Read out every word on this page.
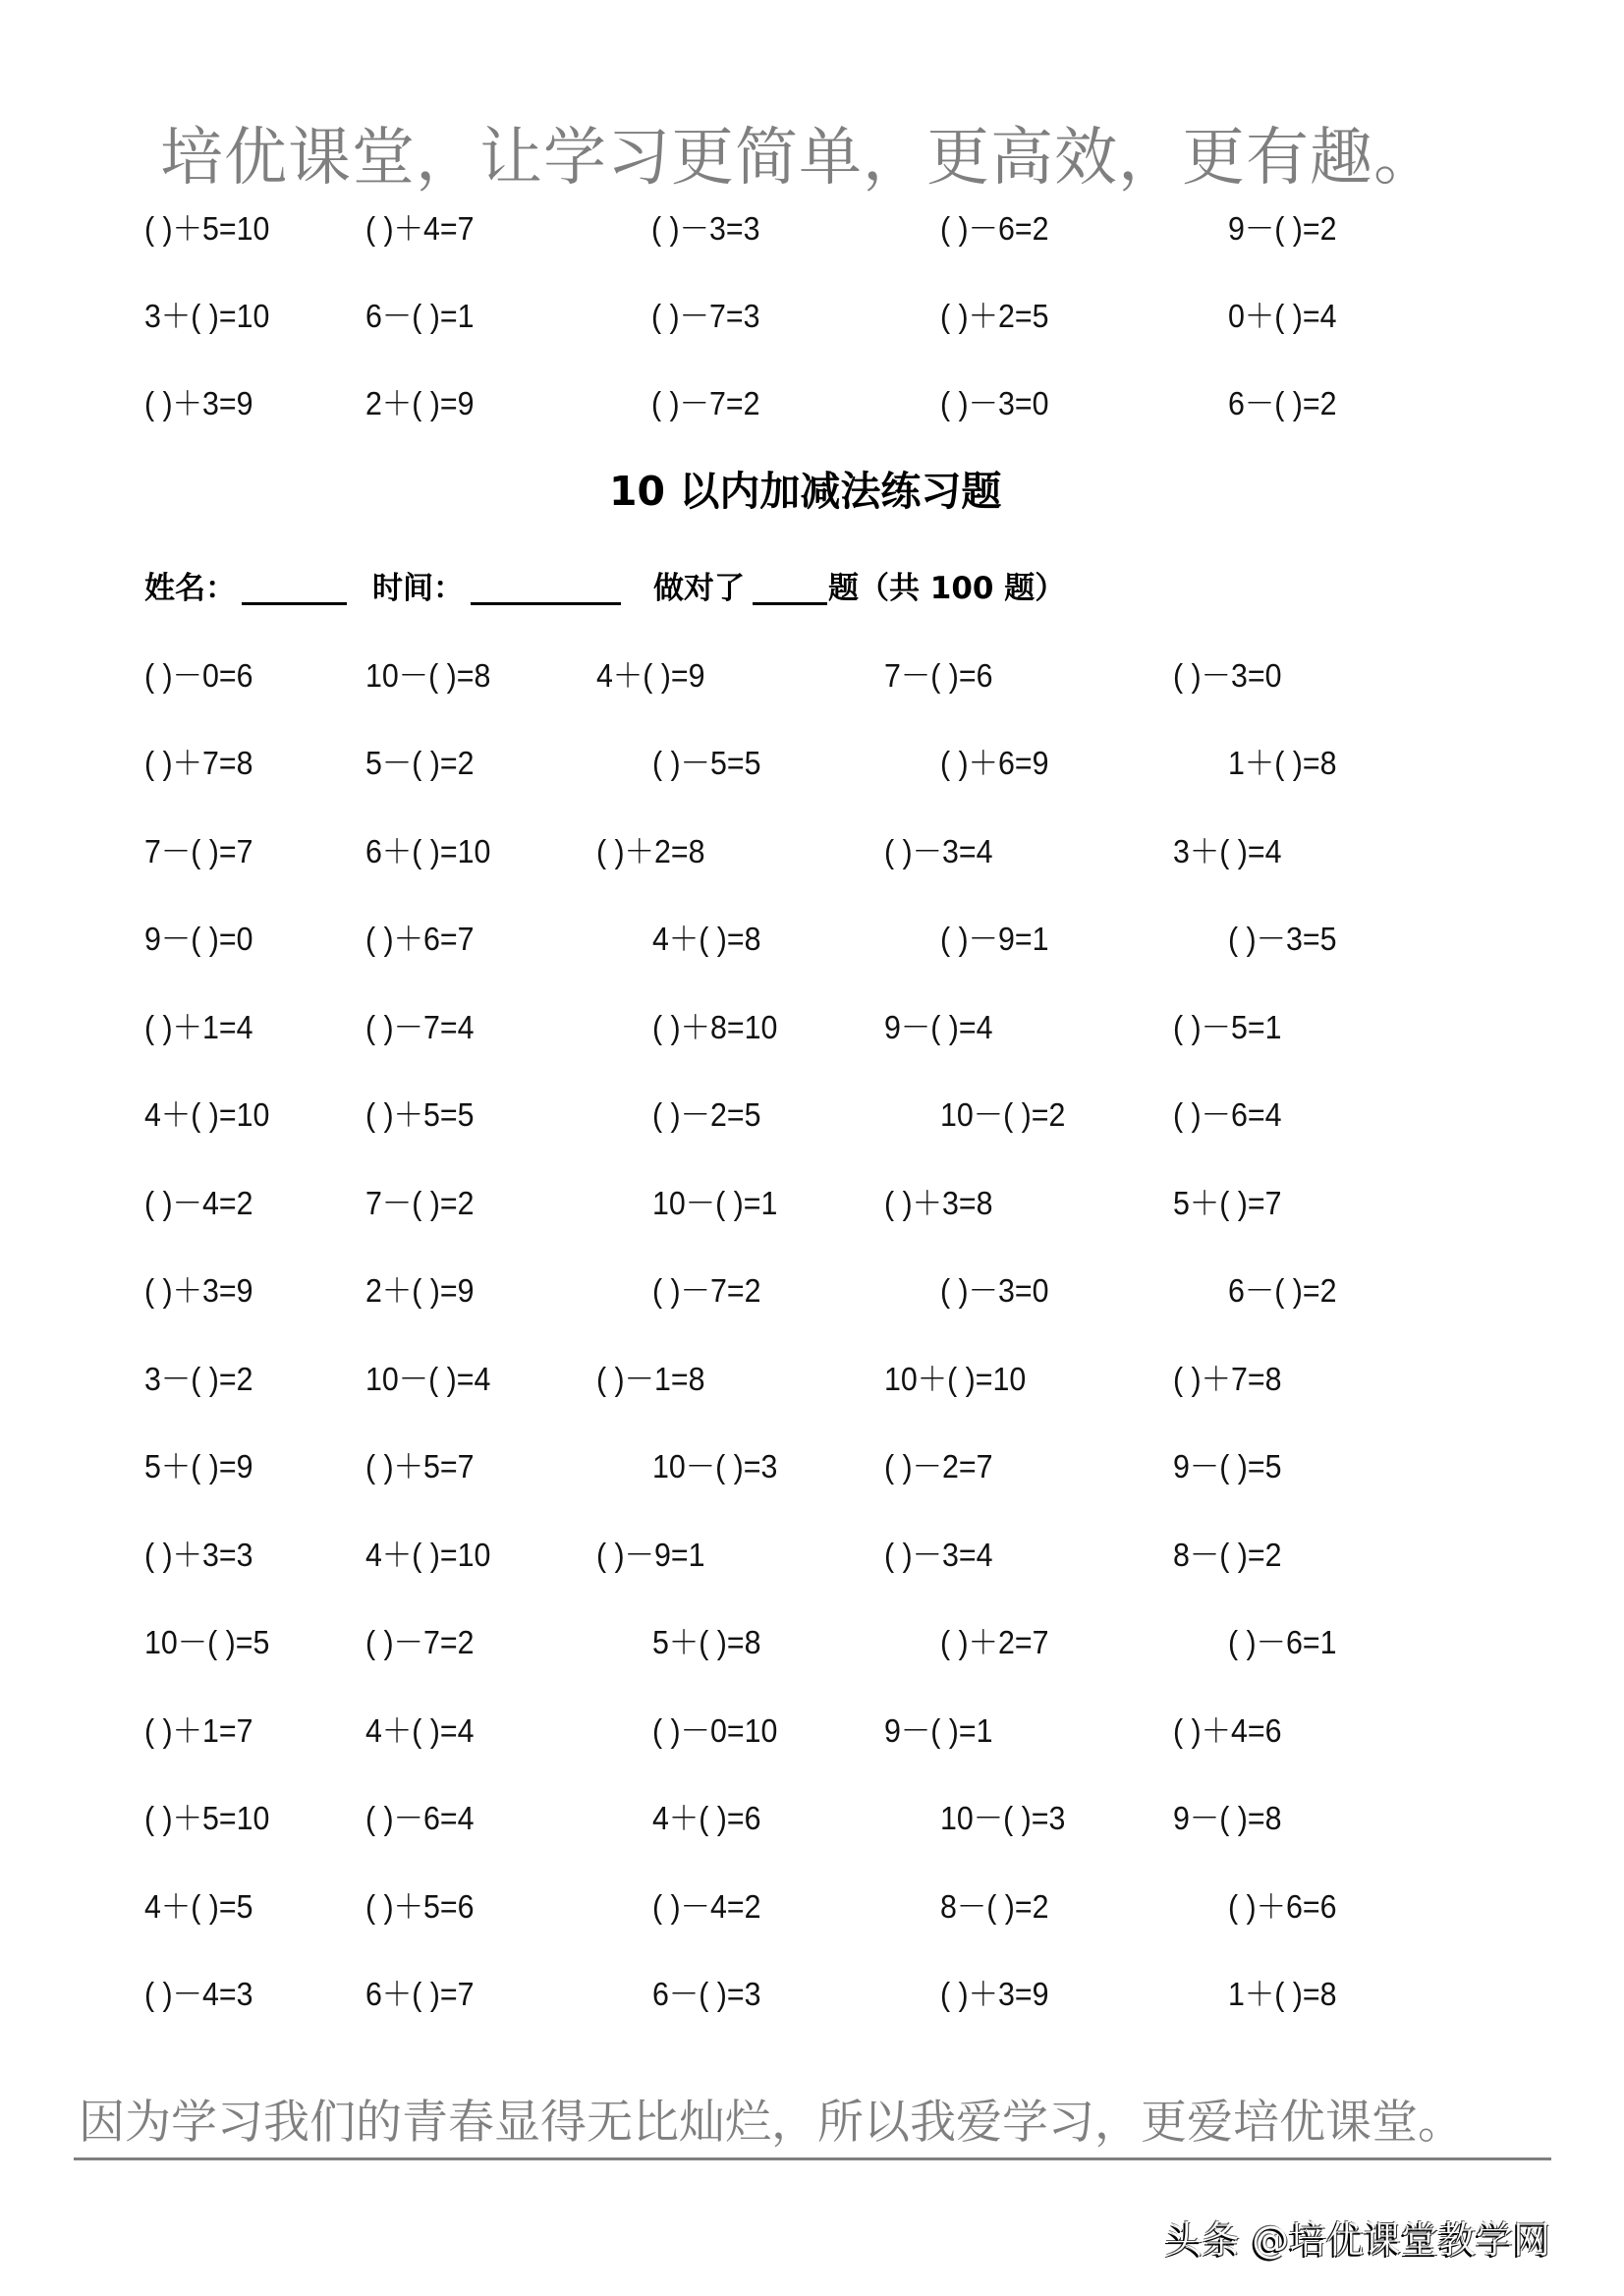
培优课堂，让学习更简单，更高效，更有趣。
( )＋5=10	( )＋4=7	( )－3=3	( )－6=2	9－( )=2
3＋( )=10	6－( )=1	( )－7=3	( )＋2=5	0＋( )=4
( )＋3=9	2＋( )=9	( )－7=2	( )－3=0	6－( )=2
10 以内加减法练习题
姓名：	时间：	做对了	题（共 100 题）
( )－0=6	10－( )=8	4＋( )=9	7－( )=6	( )－3=0
( )＋7=8	5－( )=2	( )－5=5	( )＋6=9	1＋( )=8
7－( )=7	6＋( )=10	( )＋2=8	( )－3=4	3＋( )=4
9－( )=0	( )＋6=7	4＋( )=8	( )－9=1	( )－3=5
( )＋1=4	( )－7=4	( )＋8=10	9－( )=4	( )－5=1
4＋( )=10	( )＋5=5	( )－2=5	10－( )=2	( )－6=4
( )－4=2	7－( )=2	10－( )=1	( )＋3=8	5＋( )=7
( )＋3=9	2＋( )=9	( )－7=2	( )－3=0	6－( )=2
3－( )=2	10－( )=4	( )－1=8	10＋( )=10	( )＋7=8
5＋( )=9	( )＋5=7	10－( )=3	( )－2=7	9－( )=5
( )＋3=3	4＋( )=10	( )－9=1	( )－3=4	8－( )=2
10－( )=5	( )－7=2	5＋( )=8	( )＋2=7	( )－6=1
( )＋1=7	4＋( )=4	( )－0=10	9－( )=1	( )＋4=6
( )＋5=10	( )－6=4	4＋( )=6	10－( )=3	9－( )=8
4＋( )=5	( )＋5=6	( )－4=2	8－( )=2	( )＋6=6
( )－4=3	6＋( )=7	6－( )=3	( )＋3=9	1＋( )=8
因为学习我们的青春显得无比灿烂，所以我爱学习，更爱培优课堂。
头条 @培优课堂教学网
